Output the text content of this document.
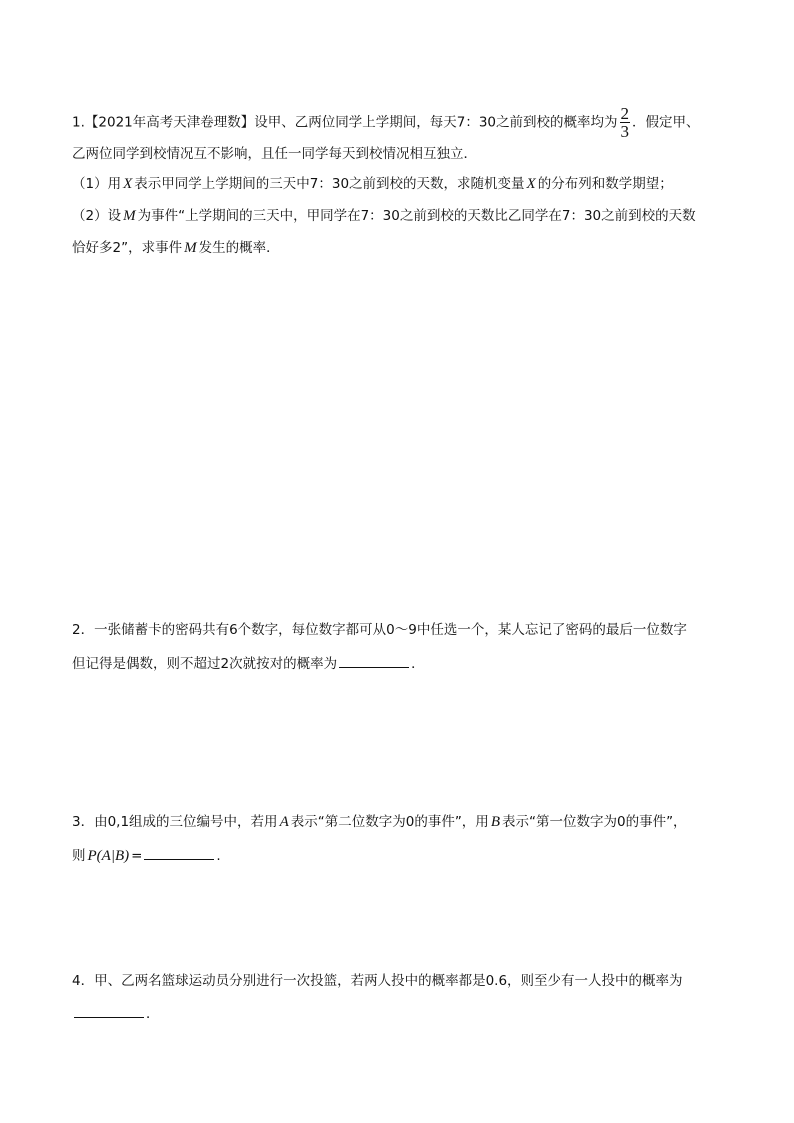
1.【2021年高考天津卷理数】设甲、乙两位同学上学期间，每天7：30之前到校的概率均为 $\frac{2}{3}$ ．假定甲、
乙两位同学到校情况互不影响，且任一同学每天到校情况相互独立．
（1）用 X 表示甲同学上学期间的三天中7：30之前到校的天数，求随机变量 X 的分布列和数学期望；
（2）设 M 为事件“上学期间的三天中，甲同学在7：30之前到校的天数比乙同学在7：30之前到校的天数
恰好多2”，求事件 M 发生的概率．
2．一张储蓄卡的密码共有6个数字，每位数字都可从0～9中任选一个，某人忘记了密码的最后一位数字
但记得是偶数，则不超过2次就按对的概率为	．
3．由0,1组成的三位编号中，若用 A 表示“第二位数字为0的事件”，用 B 表示“第一位数字为0的事件”，
则 P(A|B) =	.
4．甲、乙两名篮球运动员分别进行一次投篮，若两人投中的概率都是0.6，则至少有一人投中的概率为
．
